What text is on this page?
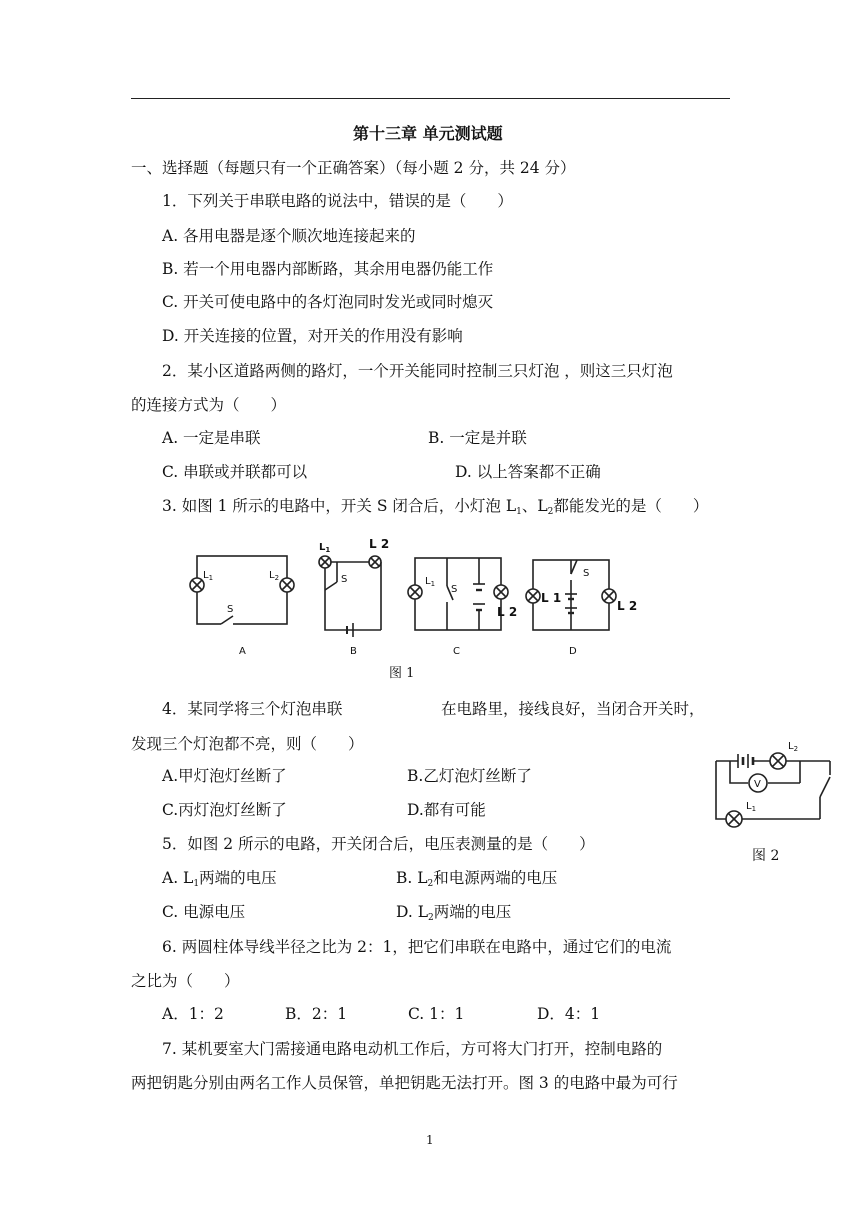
第十三章 单元测试题
一、选择题（每题只有一个正确答案）（每小题 2 分，共 24 分）
1．下列关于串联电路的说法中，错误的是（　　）
A. 各用电器是逐个顺次地连接起来的
B. 若一个用电器内部断路，其余用电器仍能工作
C. 开关可使电路中的各灯泡同时发光或同时熄灭
D. 开关连接的位置，对开关的作用没有影响
2．某小区道路两侧的路灯，一个开关能同时控制三只灯泡 ，则这三只灯泡
的连接方式为（　　）
A. 一定是串联	B. 一定是并联
C. 串联或并联都可以	D. 以上答案都不正确
3. 如图 1 所示的电路中，开关 S 闭合后，小灯泡 $L_1$、$L_2$都能发光的是（　　）
$L_1$	$L_2$
S
A
$L_1$	L 2
S
B
$L_1$ S
L 2
C
L 1
S
L 2
D
图 1
4．某同学将三个灯泡串联	在电路里，接线良好，当闭合开关时，
发现三个灯泡都不亮，则（　　）
A.甲灯泡灯丝断了	B.乙灯泡灯丝断了
C.丙灯泡灯丝断了	D.都有可能
V
$L_2$
$L_1$
图 2
5．如图 2 所示的电路，开关闭合后，电压表测量的是（　　）
A. $L_1$两端的电压	B. $L_2$和电源两端的电压
C. 电源电压	D. $L_2$两端的电压
6. 两圆柱体导线半径之比为 2：1，把它们串联在电路中，通过它们的电流
之比为（　　）
A．1：2	B．2：1	C. 1：1	D．4：1
7. 某机要室大门需接通电路电动机工作后，方可将大门打开，控制电路的
两把钥匙分别由两名工作人员保管，单把钥匙无法打开。图 3 的电路中最为可行
1
